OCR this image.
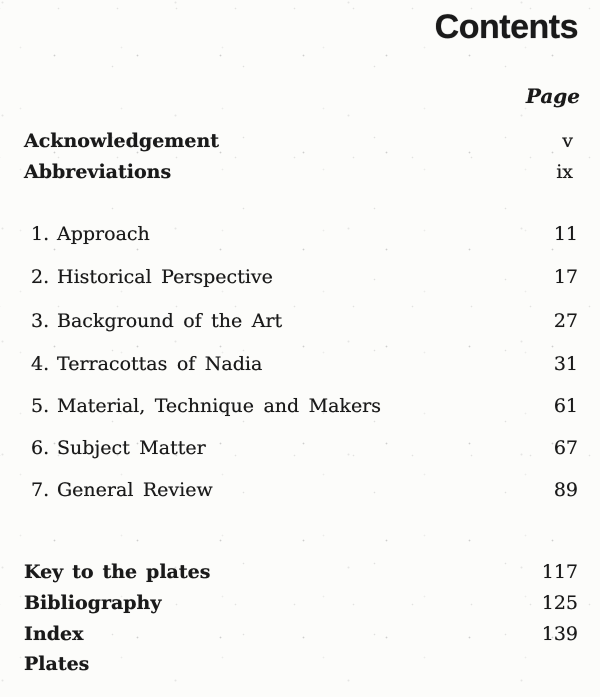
Contents
Page
Acknowledgement	v
Abbreviations	ix
1. Approach	11
2. Historical Perspective	17
3. Background of the Art	27
4. Terracottas of Nadia	31
5. Material, Technique and Makers	61
6. Subject Matter	67
7. General Review	89
Key to the plates	117
Bibliography	125
Index	139
Plates
